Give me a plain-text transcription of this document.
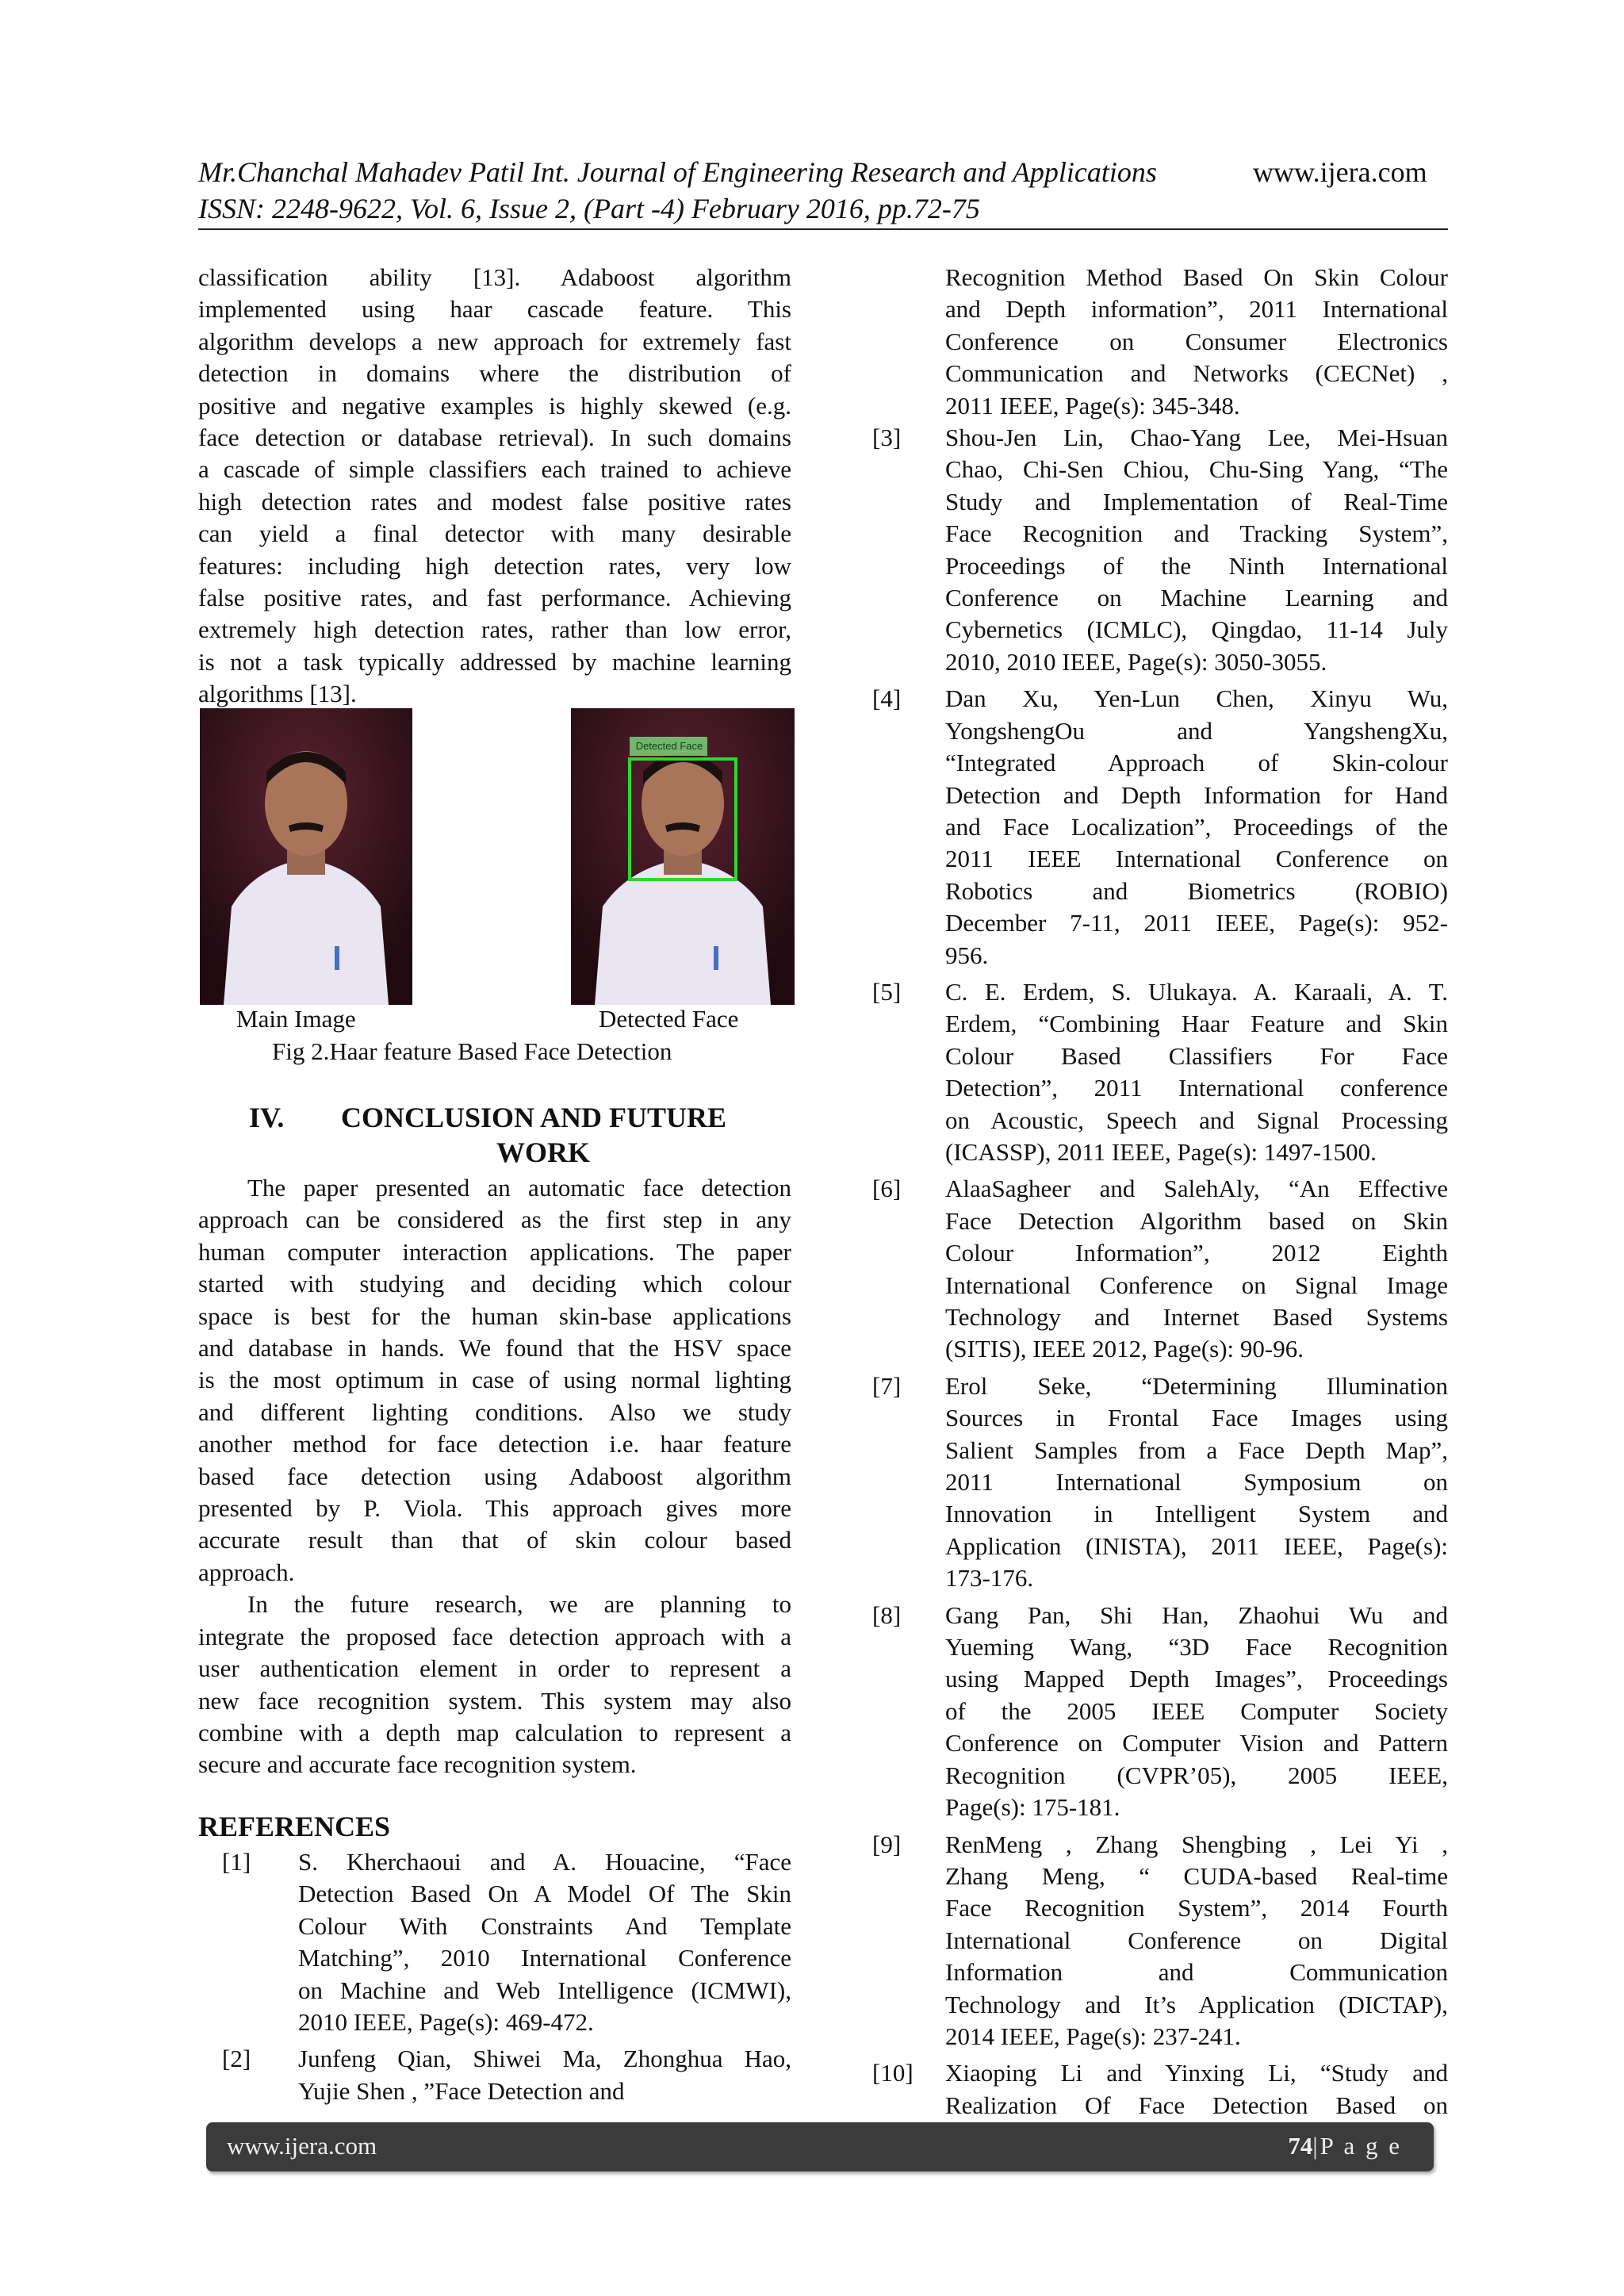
Mr.Chanchal Mahadev Patil Int. Journal of Engineering Research and Applications	www.ijera.com
ISSN: 2248-9622, Vol. 6, Issue 2, (Part -4) February 2016, pp.72-75
classification ability [13]. Adaboost algorithm
implemented using haar cascade feature. This
algorithm develops a new approach for extremely fast
detection in domains where the distribution of
positive and negative examples is highly skewed (e.g.
face detection or database retrieval). In such domains
a cascade of simple classifiers each trained to achieve
high detection rates and modest false positive rates
can yield a final detector with many desirable
features: including high detection rates, very low
false positive rates, and fast performance. Achieving
extremely high detection rates, rather than low error,
is not a task typically addressed by machine learning
algorithms [13].
Detected Face
Main Image	Detected Face
Fig 2.Haar feature Based Face Detection
IV. CONCLUSION AND FUTURE
WORK
The paper presented an automatic face detection
approach can be considered as the first step in any
human computer interaction applications. The paper
started with studying and deciding which colour
space is best for the human skin-base applications
and database in hands. We found that the HSV space
is the most optimum in case of using normal lighting
and different lighting conditions. Also we study
another method for face detection i.e. haar feature
based face detection using Adaboost algorithm
presented by P. Viola. This approach gives more
accurate result than that of skin colour based
approach.
In the future research, we are planning to
integrate the proposed face detection approach with a
user authentication element in order to represent a
new face recognition system. This system may also
combine with a depth map calculation to represent a
secure and accurate face recognition system.
REFERENCES
[1] S. Kherchaoui and A. Houacine, “Face
Detection Based On A Model Of The Skin
Colour With Constraints And Template
Matching”, 2010 International Conference
on Machine and Web Intelligence (ICMWI),
2010 IEEE, Page(s): 469-472.
[2] Junfeng Qian, Shiwei Ma, Zhonghua Hao,
Yujie Shen , ”Face Detection and
Recognition Method Based On Skin Colour
and Depth information”, 2011 International
Conference on Consumer Electronics
Communication and Networks (CECNet) ,
2011 IEEE, Page(s): 345-348.
[3] Shou-Jen Lin, Chao-Yang Lee, Mei-Hsuan
Chao, Chi-Sen Chiou, Chu-Sing Yang, “The
Study and Implementation of Real-Time
Face Recognition and Tracking System”,
Proceedings of the Ninth International
Conference on Machine Learning and
Cybernetics (ICMLC), Qingdao, 11-14 July
2010, 2010 IEEE, Page(s): 3050-3055.
[4] Dan Xu, Yen-Lun Chen, Xinyu Wu,
YongshengOu and YangshengXu,
“Integrated Approach of Skin-colour
Detection and Depth Information for Hand
and Face Localization”, Proceedings of the
2011 IEEE International Conference on
Robotics and Biometrics (ROBIO)
December 7-11, 2011 IEEE, Page(s): 952-
956.
[5] C. E. Erdem, S. Ulukaya. A. Karaali, A. T.
Erdem, “Combining Haar Feature and Skin
Colour Based Classifiers For Face
Detection”, 2011 International conference
on Acoustic, Speech and Signal Processing
(ICASSP), 2011 IEEE, Page(s): 1497-1500.
[6] AlaaSagheer and SalehAly, “An Effective
Face Detection Algorithm based on Skin
Colour Information”, 2012 Eighth
International Conference on Signal Image
Technology and Internet Based Systems
(SITIS), IEEE 2012, Page(s): 90-96.
[7] Erol Seke, “Determining Illumination
Sources in Frontal Face Images using
Salient Samples from a Face Depth Map”,
2011 International Symposium on
Innovation in Intelligent System and
Application (INISTA), 2011 IEEE, Page(s):
173-176.
[8] Gang Pan, Shi Han, Zhaohui Wu and
Yueming Wang, “3D Face Recognition
using Mapped Depth Images”, Proceedings
of the 2005 IEEE Computer Society
Conference on Computer Vision and Pattern
Recognition (CVPR’05), 2005 IEEE,
Page(s): 175-181.
[9] RenMeng , Zhang Shengbing , Lei Yi ,
Zhang Meng, “ CUDA-based Real-time
Face Recognition System”, 2014 Fourth
International Conference on Digital
Information and Communication
Technology and It’s Application (DICTAP),
2014 IEEE, Page(s): 237-241.
[10] Xiaoping Li and Yinxing Li, “Study and
Realization Of Face Detection Based on
www.ijera.com	74|P a g e
